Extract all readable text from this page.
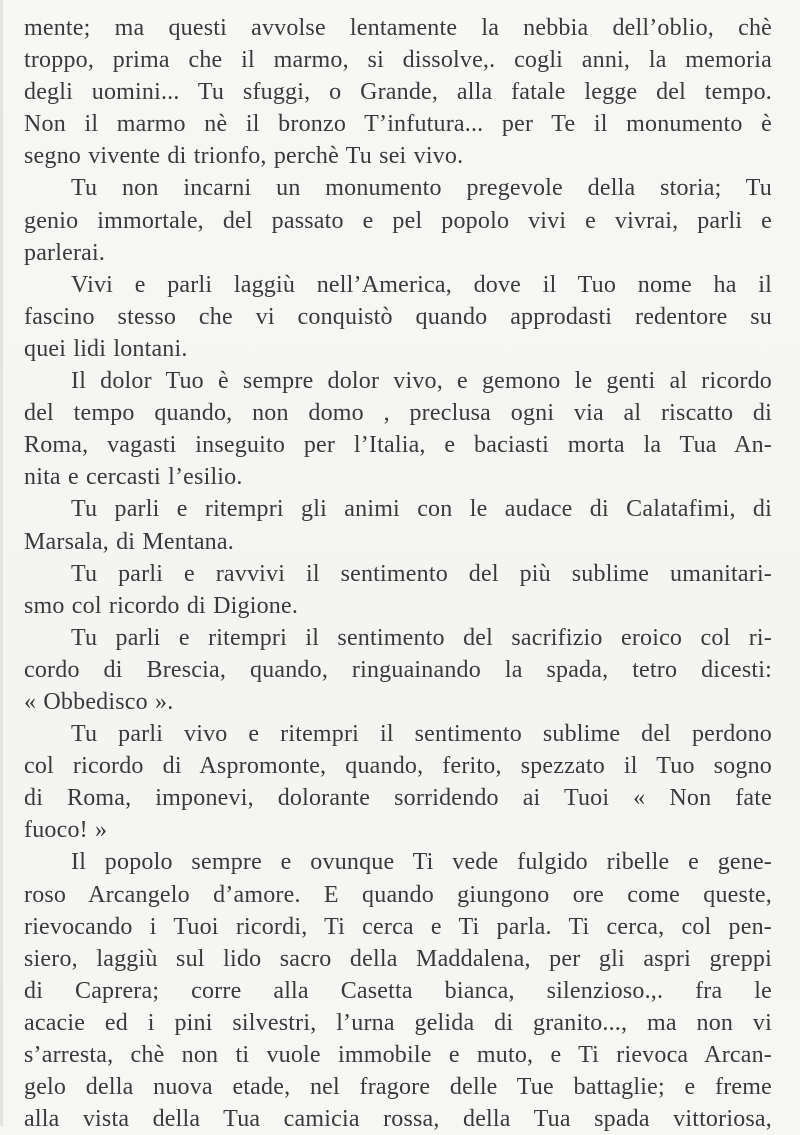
mente; ma questi avvolse lentamente la nebbia dell’oblio, chè
troppo, prima che il marmo, si dissolve,. cogli anni, la memoria
degli uomini... Tu sfuggi, o Grande, alla fatale legge del tempo.
Non il marmo nè il bronzo T’infutura... per Te il monumento è
segno vivente di trionfo, perchè Tu sei vivo.
Tu non incarni un monumento pregevole della storia; Tu
genio immortale, del passato e pel popolo vivi e vivrai, parli e
parlerai.
Vivi e parli laggiù nell’America, dove il Tuo nome ha il
fascino stesso che vi conquistò quando approdasti redentore su
quei lidi lontani.
Il dolor Tuo è sempre dolor vivo, e gemono le genti al ricordo
del tempo quando, non domo , preclusa ogni via al riscatto di
Roma, vagasti inseguito per l’Italia, e baciasti morta la Tua An-
nita e cercasti l’esilio.
Tu parli e ritempri gli animi con le audace di Calatafimi, di
Marsala, di Mentana.
Tu parli e ravvivi il sentimento del più sublime umanitari-
smo col ricordo di Digione.
Tu parli e ritempri il sentimento del sacrifizio eroico col ri-
cordo di Brescia, quando, ringuainando la spada, tetro dicesti:
« Obbedisco ».
Tu parli vivo e ritempri il sentimento sublime del perdono
col ricordo di Aspromonte, quando, ferito, spezzato il Tuo sogno
di Roma, imponevi, dolorante sorridendo ai Tuoi « Non fate
fuoco! »
Il popolo sempre e ovunque Ti vede fulgido ribelle e gene-
roso Arcangelo d’amore. E quando giungono ore come queste,
rievocando i Tuoi ricordi, Ti cerca e Ti parla. Ti cerca, col pen-
siero, laggiù sul lido sacro della Maddalena, per gli aspri greppi
di Caprera; corre alla Casetta bianca, silenzioso.,. fra le
acacie ed i pini silvestri, l’urna gelida di granito..., ma non vi
s’arresta, chè non ti vuole immobile e muto, e Ti rievoca Arcan-
gelo della nuova etade, nel fragore delle Tue battaglie; e freme
alla vista della Tua camicia rossa, della Tua spada vittoriosa,
